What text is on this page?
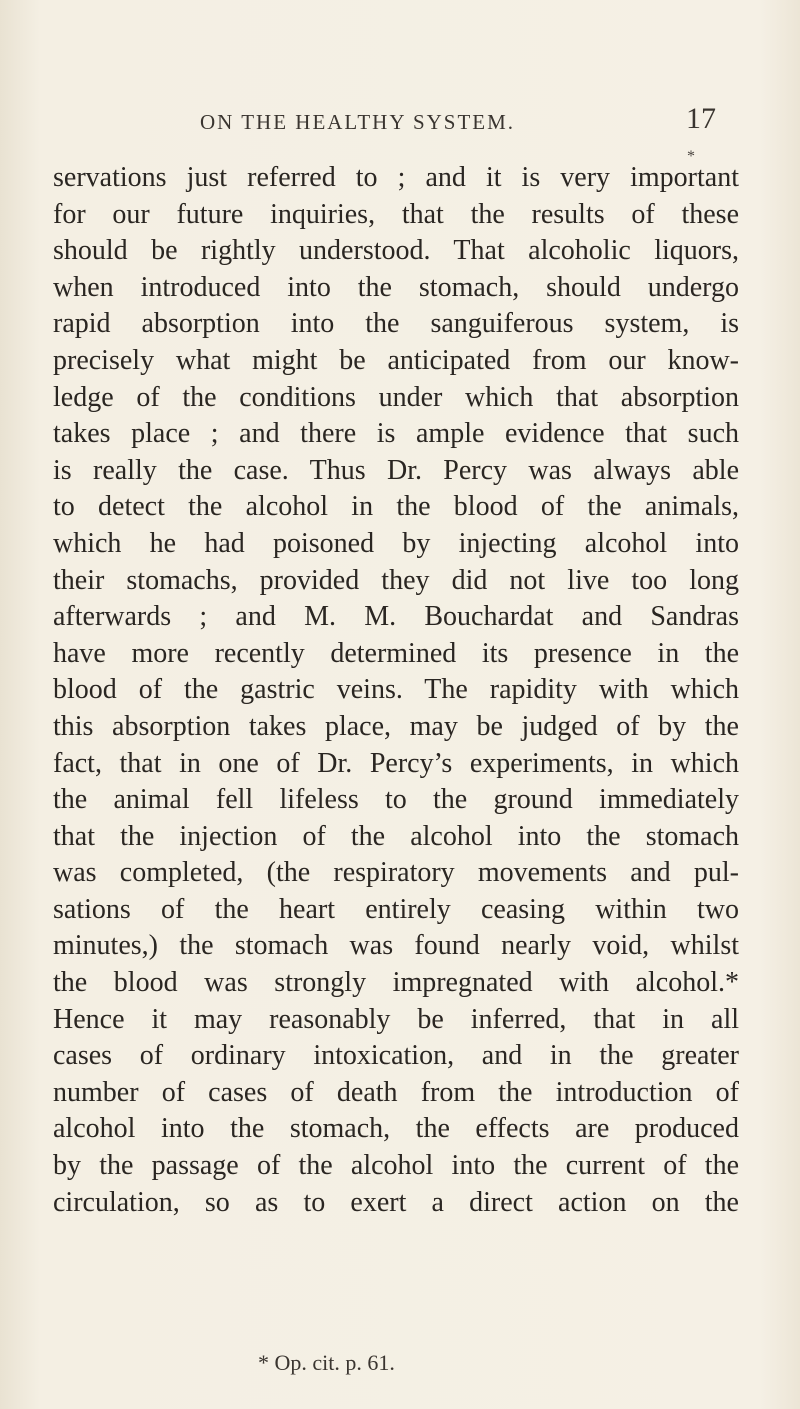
ON THE HEALTHY SYSTEM.	17
*
servations just referred to ; and it is very important
for our future inquiries, that the results of these
should be rightly understood. That alcoholic liquors,
when introduced into the stomach, should undergo
rapid absorption into the sanguiferous system, is
precisely what might be anticipated from our know-
ledge of the conditions under which that absorption
takes place ; and there is ample evidence that such
is really the case. Thus Dr. Percy was always able
to detect the alcohol in the blood of the animals,
which he had poisoned by injecting alcohol into
their stomachs, provided they did not live too long
afterwards ; and M. M. Bouchardat and Sandras
have more recently determined its presence in the
blood of the gastric veins. The rapidity with which
this absorption takes place, may be judged of by the
fact, that in one of Dr. Percy’s experiments, in which
the animal fell lifeless to the ground immediately
that the injection of the alcohol into the stomach
was completed, (the respiratory movements and pul-
sations of the heart entirely ceasing within two
minutes,) the stomach was found nearly void, whilst
the blood was strongly impregnated with alcohol.*
Hence it may reasonably be inferred, that in all
cases of ordinary intoxication, and in the greater
number of cases of death from the introduction of
alcohol into the stomach, the effects are produced
by the passage of the alcohol into the current of the
circulation, so as to exert a direct action on the
* Op. cit. p. 61.
